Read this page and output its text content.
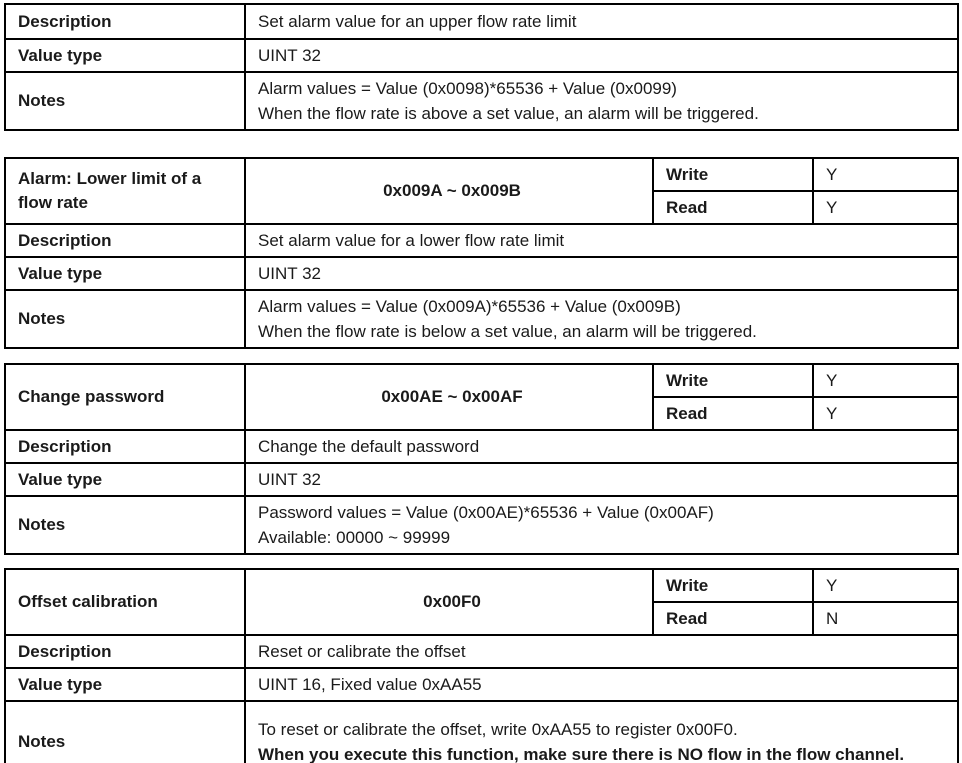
Description	Set alarm value for an upper flow rate limit
Value type	UINT 32
Notes	Alarm values = Value (0x0098)*65536 + Value (0x0099)
When the flow rate is above a set value, an alarm will be triggered.
Alarm: Lower limit of a flow rate	0x009A ~ 0x009B	Write	Y
		Read	Y
Description	Set alarm value for a lower flow rate limit		
Value type	UINT 32		
Notes	Alarm values = Value (0x009A)*65536 + Value (0x009B)
When the flow rate is below a set value, an alarm will be triggered.		
Change password	0x00AE ~ 0x00AF	Write	Y
		Read	Y
Description	Change the default password		
Value type	UINT 32		
Notes	Password values = Value (0x00AE)*65536 + Value (0x00AF)
Available: 00000 ~ 99999		
Offset calibration	0x00F0	Write	Y
		Read	N
Description	Reset or calibrate the offset		
Value type	UINT 16, Fixed value 0xAA55		
Notes	To reset or calibrate the offset, write 0xAA55 to register 0x00F0.
When you execute this function, make sure there is NO flow in the flow channel.		
